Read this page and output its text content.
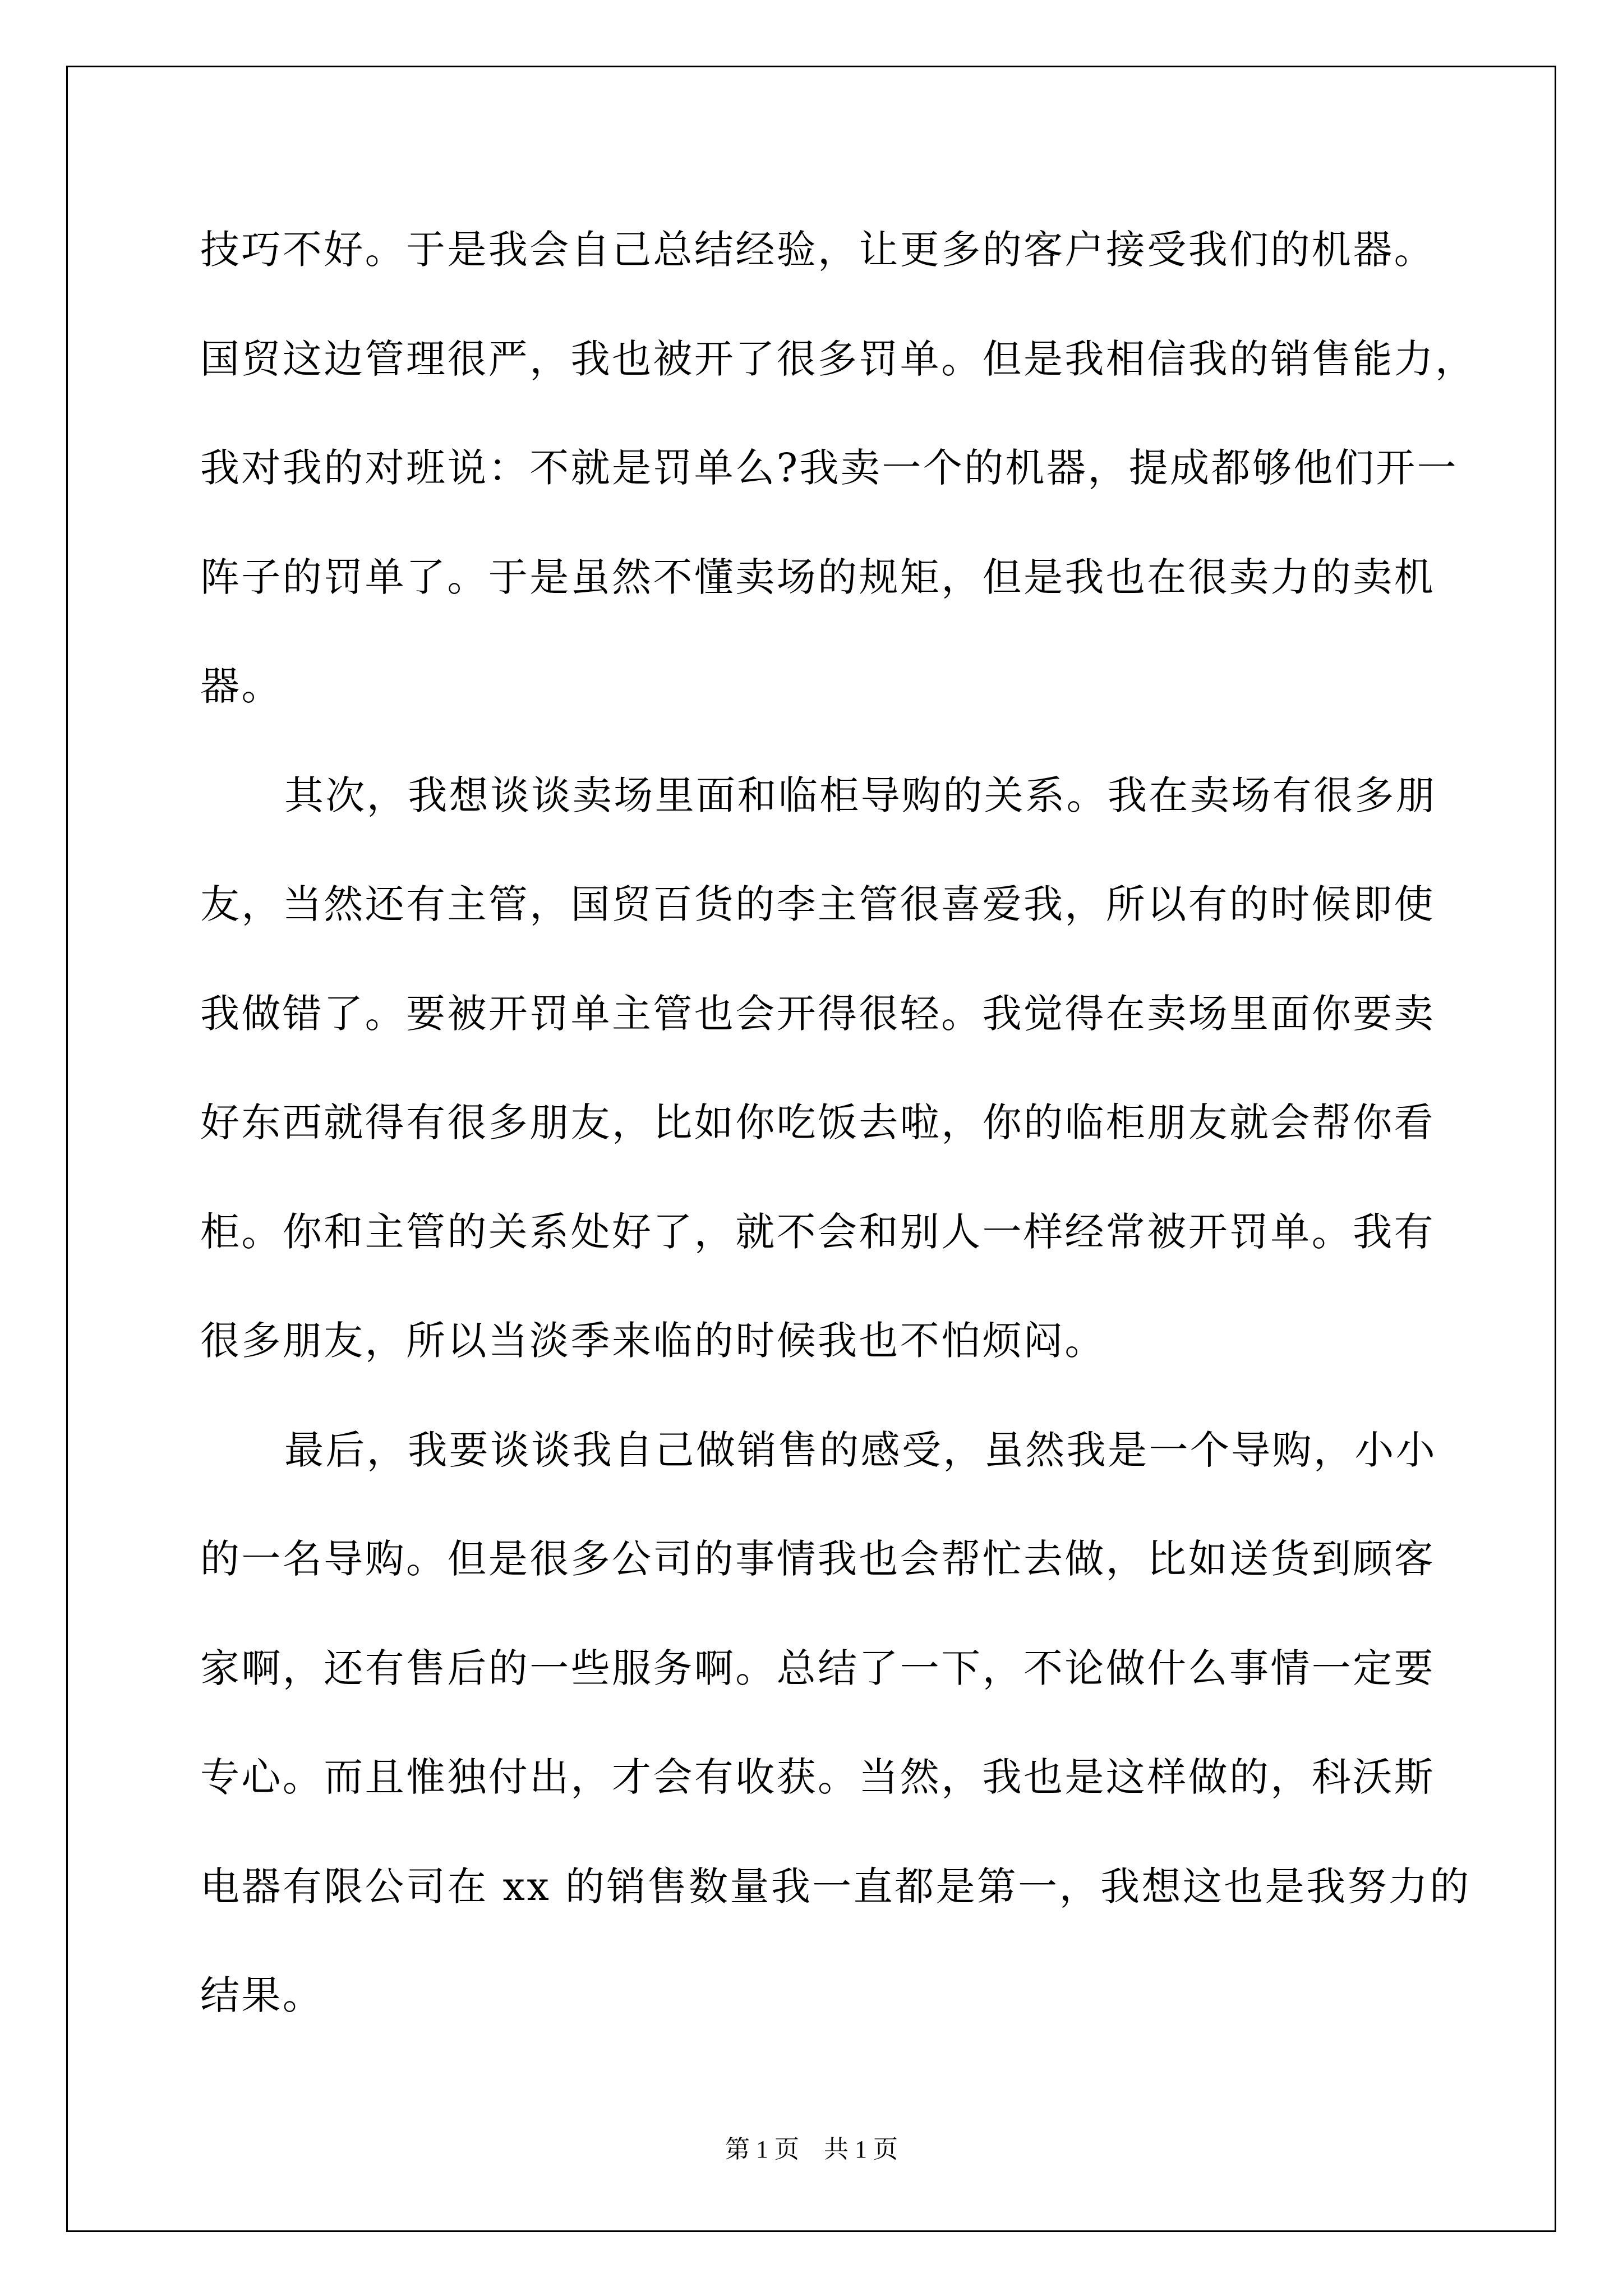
技巧不好。于是我会自己总结经验，让更多的客户接受我们的机器。
国贸这边管理很严，我也被开了很多罚单。但是我相信我的销售能力，
我对我的对班说：不就是罚单么?我卖一个的机器，提成都够他们开一
阵子的罚单了。于是虽然不懂卖场的规矩，但是我也在很卖力的卖机
器。
其次，我想谈谈卖场里面和临柜导购的关系。我在卖场有很多朋
友，当然还有主管，国贸百货的李主管很喜爱我，所以有的时候即使
我做错了。要被开罚单主管也会开得很轻。我觉得在卖场里面你要卖
好东西就得有很多朋友，比如你吃饭去啦，你的临柜朋友就会帮你看
柜。你和主管的关系处好了，就不会和别人一样经常被开罚单。我有
很多朋友，所以当淡季来临的时候我也不怕烦闷。
最后，我要谈谈我自己做销售的感受，虽然我是一个导购，小小
的一名导购。但是很多公司的事情我也会帮忙去做，比如送货到顾客
家啊，还有售后的一些服务啊。总结了一下，不论做什么事情一定要
专心。而且惟独付出，才会有收获。当然，我也是这样做的，科沃斯
电器有限公司在 xx 的销售数量我一直都是第一，我想这也是我努力的
结果。
第 1 页　共 1 页
